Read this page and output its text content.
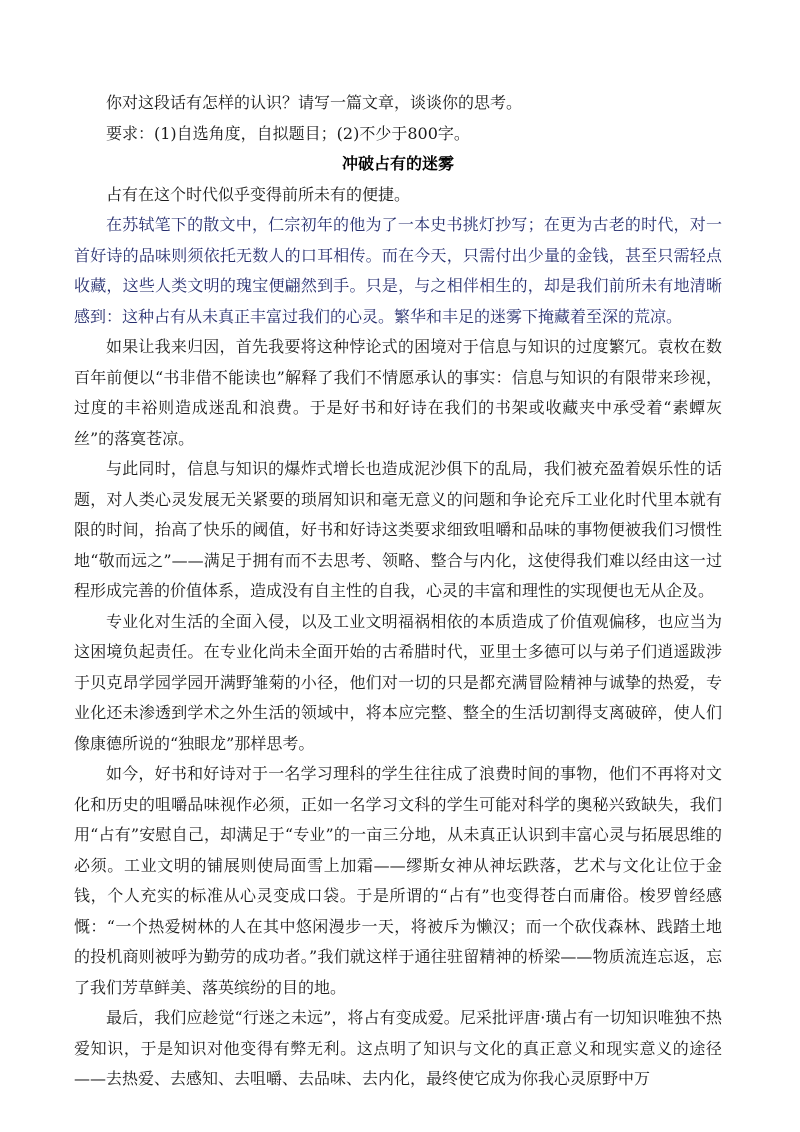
你对这段话有怎样的认识？请写一篇文章，谈谈你的思考。

要求：(1)自选角度，自拟题目；(2)不少于800字。

冲破占有的迷雾

占有在这个时代似乎变得前所未有的便捷。

在苏轼笔下的散文中，仁宗初年的他为了一本史书挑灯抄写；在更为古老的时代，对一首好诗的品味则须依托无数人的口耳相传。而在今天，只需付出少量的金钱，甚至只需轻点收藏，这些人类文明的瑰宝便翩然到手。只是，与之相伴相生的，却是我们前所未有地清晰感到：这种占有从未真正丰富过我们的心灵。繁华和丰足的迷雾下掩藏着至深的荒凉。

如果让我来归因，首先我要将这种悖论式的困境对于信息与知识的过度繁冗。袁枚在数百年前便以“书非借不能读也”解释了我们不情愿承认的事实：信息与知识的有限带来珍视，过度的丰裕则造成迷乱和浪费。于是好书和好诗在我们的书架或收藏夹中承受着“素蟫灰丝”的落寞苍凉。

与此同时，信息与知识的爆炸式增长也造成泥沙俱下的乱局，我们被充盈着娱乐性的话题，对人类心灵发展无关紧要的琐屑知识和毫无意义的问题和争论充斥工业化时代里本就有限的时间，抬高了快乐的阈值，好书和好诗这类要求细致咀嚼和品味的事物便被我们习惯性地“敬而远之”——满足于拥有而不去思考、领略、整合与内化，这使得我们难以经由这一过程形成完善的价值体系，造成没有自主性的自我，心灵的丰富和理性的实现便也无从企及。

专业化对生活的全面入侵，以及工业文明福祸相依的本质造成了价值观偏移，也应当为这困境负起责任。在专业化尚未全面开始的古希腊时代，亚里士多德可以与弟子们逍遥跋涉于贝克昂学园学园开满野雏菊的小径，他们对一切的只是都充满冒险精神与诚挚的热爱，专业化还未渗透到学术之外生活的领域中，将本应完整、整全的生活切割得支离破碎，使人们像康德所说的“独眼龙”那样思考。

如今，好书和好诗对于一名学习理科的学生往往成了浪费时间的事物，他们不再将对文化和历史的咀嚼品味视作必须，正如一名学习文科的学生可能对科学的奥秘兴致缺失，我们用“占有”安慰自己，却满足于“专业”的一亩三分地，从未真正认识到丰富心灵与拓展思维的必须。工业文明的铺展则使局面雪上加霜——缪斯女神从神坛跌落，艺术与文化让位于金钱，个人充实的标准从心灵变成口袋。于是所谓的“占有”也变得苍白而庸俗。梭罗曾经感慨：“一个热爱树林的人在其中悠闲漫步一天，将被斥为懒汉；而一个砍伐森林、践踏土地的投机商则被呼为勤劳的成功者。”我们就这样于通往驻留精神的桥梁——物质流连忘返，忘了我们芳草鲜美、落英缤纷的目的地。

最后，我们应趁觉“行迷之未远”，将占有变成爱。尼采批评唐·璜占有一切知识唯独不热爱知识，于是知识对他变得有弊无利。这点明了知识与文化的真正意义和现实意义的途径——去热爱、去感知、去咀嚼、去品味、去内化，最终使它成为你我心灵原野中万
